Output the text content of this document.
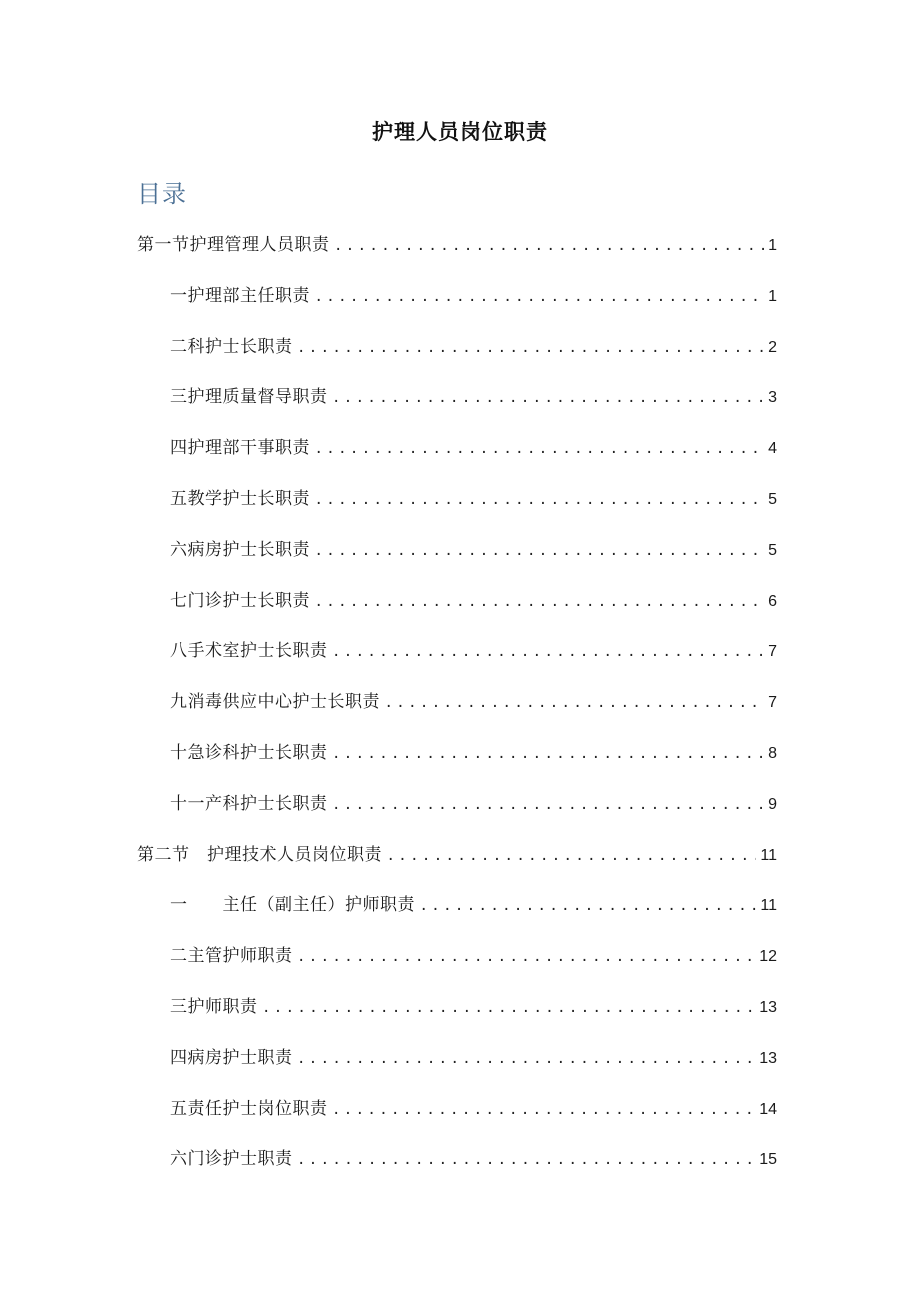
护理人员岗位职责
目录
第一节护理管理人员职责 .....	1
一护理部主任职责 .....	1
二科护士长职责 .....	2
三护理质量督导职责 .....	3
四护理部干事职责 .....	4
五教学护士长职责 .....	5
六病房护士长职责 .....	5
七门诊护士长职责 .....	6
八手术室护士长职责 .....	7
九消毒供应中心护士长职责 .....	7
十急诊科护士长职责 .....	8
十一产科护士长职责 .....	9
第二节　护理技术人员岗位职责 .....	11
一　　主任（副主任）护师职责 .....	11
二主管护师职责 .....	12
三护师职责 .....	13
四病房护士职责 .....	13
五责任护士岗位职责 .....	14
六门诊护士职责 .....	15
